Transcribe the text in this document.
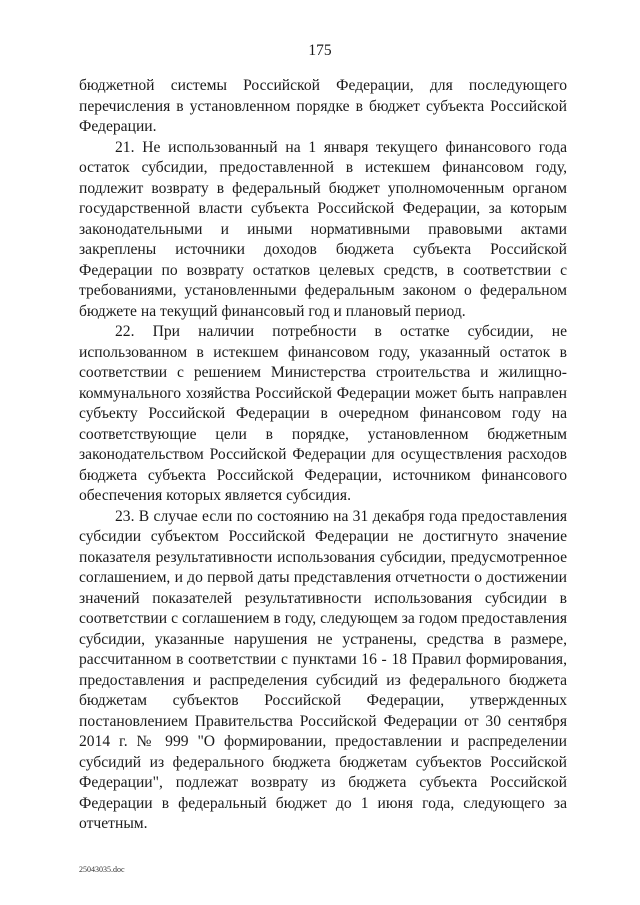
175

бюджетной системы Российской Федерации, для последующего перечисления в установленном порядке в бюджет субъекта Российской Федерации.

21. Не использованный на 1 января текущего финансового года остаток субсидии, предоставленной в истекшем финансовом году, подлежит возврату в федеральный бюджет уполномоченным органом государственной власти субъекта Российской Федерации, за которым законодательными и иными нормативными правовыми актами закреплены источники доходов бюджета субъекта Российской Федерации по возврату остатков целевых средств, в соответствии с требованиями, установленными федеральным законом о федеральном бюджете на текущий финансовый год и плановый период.

22. При наличии потребности в остатке субсидии, не использованном в истекшем финансовом году, указанный остаток в соответствии с решением Министерства строительства и жилищно-коммунального хозяйства Российской Федерации может быть направлен субъекту Российской Федерации в очередном финансовом году на соответствующие цели в порядке, установленном бюджетным законодательством Российской Федерации для осуществления расходов бюджета субъекта Российской Федерации, источником финансового обеспечения которых является субсидия.

23. В случае если по состоянию на 31 декабря года предоставления субсидии субъектом Российской Федерации не достигнуто значение показателя результативности использования субсидии, предусмотренное соглашением, и до первой даты представления отчетности о достижении значений показателей результативности использования субсидии в соответствии с соглашением в году, следующем за годом предоставления субсидии, указанные нарушения не устранены, средства в размере, рассчитанном в соответствии с пунктами 16 - 18 Правил формирования, предоставления и распределения субсидий из федерального бюджета бюджетам субъектов Российской Федерации, утвержденных постановлением Правительства Российской Федерации от 30 сентября 2014 г. № 999 "О формировании, предоставлении и распределении субсидий из федерального бюджета бюджетам субъектов Российской Федерации", подлежат возврату из бюджета субъекта Российской Федерации в федеральный бюджет до 1 июня года, следующего за отчетным.

25043035.doc
